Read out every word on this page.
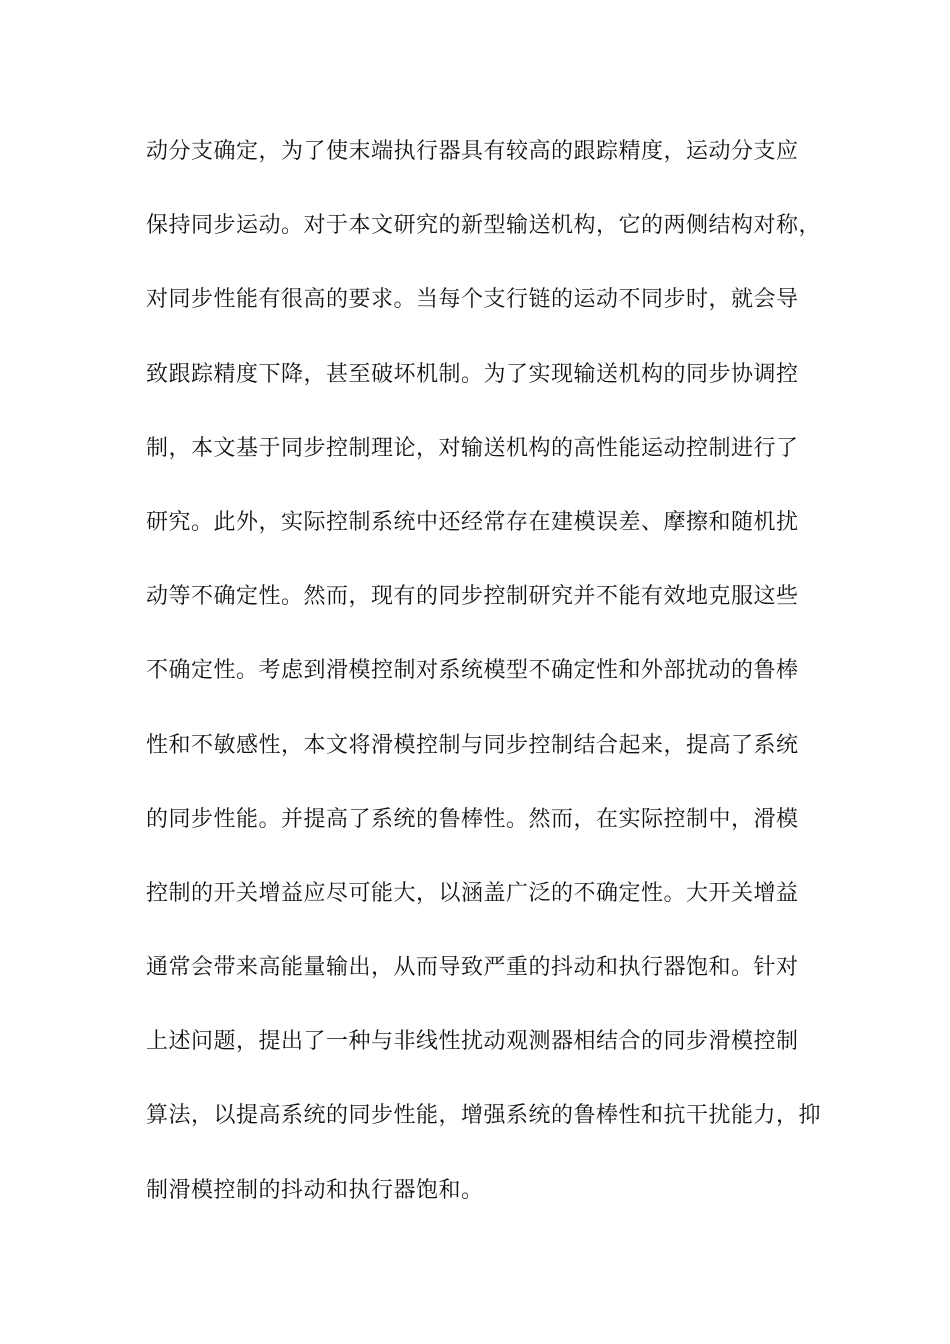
动分支确定，为了使末端执行器具有较高的跟踪精度，运动分支应
保持同步运动。对于本文研究的新型输送机构，它的两侧结构对称，
对同步性能有很高的要求。当每个支行链的运动不同步时，就会导
致跟踪精度下降，甚至破坏机制。为了实现输送机构的同步协调控
制，本文基于同步控制理论，对输送机构的高性能运动控制进行了
研究。此外，实际控制系统中还经常存在建模误差、摩擦和随机扰
动等不确定性。然而，现有的同步控制研究并不能有效地克服这些
不确定性。考虑到滑模控制对系统模型不确定性和外部扰动的鲁棒
性和不敏感性，本文将滑模控制与同步控制结合起来，提高了系统
的同步性能。并提高了系统的鲁棒性。然而，在实际控制中，滑模
控制的开关增益应尽可能大，以涵盖广泛的不确定性。大开关增益
通常会带来高能量输出，从而导致严重的抖动和执行器饱和。针对
上述问题，提出了一种与非线性扰动观测器相结合的同步滑模控制
算法，以提高系统的同步性能，增强系统的鲁棒性和抗干扰能力，抑
制滑模控制的抖动和执行器饱和。
